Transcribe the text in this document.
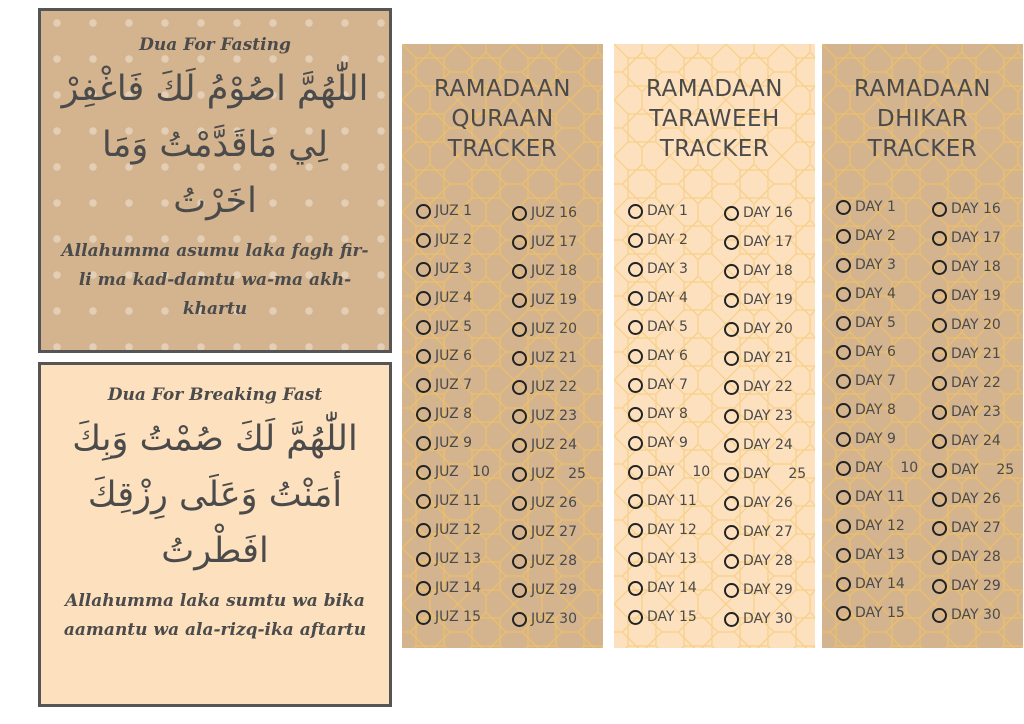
Dua For Fasting
اللّٰهُمَّ اصُوْمُ لَكَ فَاغْفِرْ لِي مَاقَدَّمْتُ وَمَا اخَرْتُ
Allahumma asumu laka fagh fir-li ma kad-damtu wa-ma akh-khartu
Dua For Breaking Fast
اللّٰهُمَّ لَكَ صُمْتُ وَبِكَ أمَنْتُ وَعَلَى رِزْقِكَ افَطْرتُ
Allahumma laka sumtu wa bika aamantu wa ala-rizq-ika aftartu
RAMADAAN
QURAAN
TRACKER
JUZ 1
JUZ 2
JUZ 3
JUZ 4
JUZ 5
JUZ 6
JUZ 7
JUZ 8
JUZ 9
JUZ   10
JUZ 11
JUZ 12
JUZ 13
JUZ 14
JUZ 15
JUZ 16
JUZ 17
JUZ 18
JUZ 19
JUZ 20
JUZ 21
JUZ 22
JUZ 23
JUZ 24
JUZ   25
JUZ 26
JUZ 27
JUZ 28
JUZ 29
JUZ 30
RAMADAAN
TARAWEEH
TRACKER
DAY 1
DAY 2
DAY 3
DAY 4
DAY 5
DAY 6
DAY 7
DAY 8
DAY 9
DAY    10
DAY 11
DAY 12
DAY 13
DAY 14
DAY 15
DAY 16
DAY 17
DAY 18
DAY 19
DAY 20
DAY 21
DAY 22
DAY 23
DAY 24
DAY    25
DAY 26
DAY 27
DAY 28
DAY 29
DAY 30
RAMADAAN
DHIKAR
TRACKER
DAY 1
DAY 2
DAY 3
DAY 4
DAY 5
DAY 6
DAY 7
DAY 8
DAY 9
DAY    10
DAY 11
DAY 12
DAY 13
DAY 14
DAY 15
DAY 16
DAY 17
DAY 18
DAY 19
DAY 20
DAY 21
DAY 22
DAY 23
DAY 24
DAY    25
DAY 26
DAY 27
DAY 28
DAY 29
DAY 30
